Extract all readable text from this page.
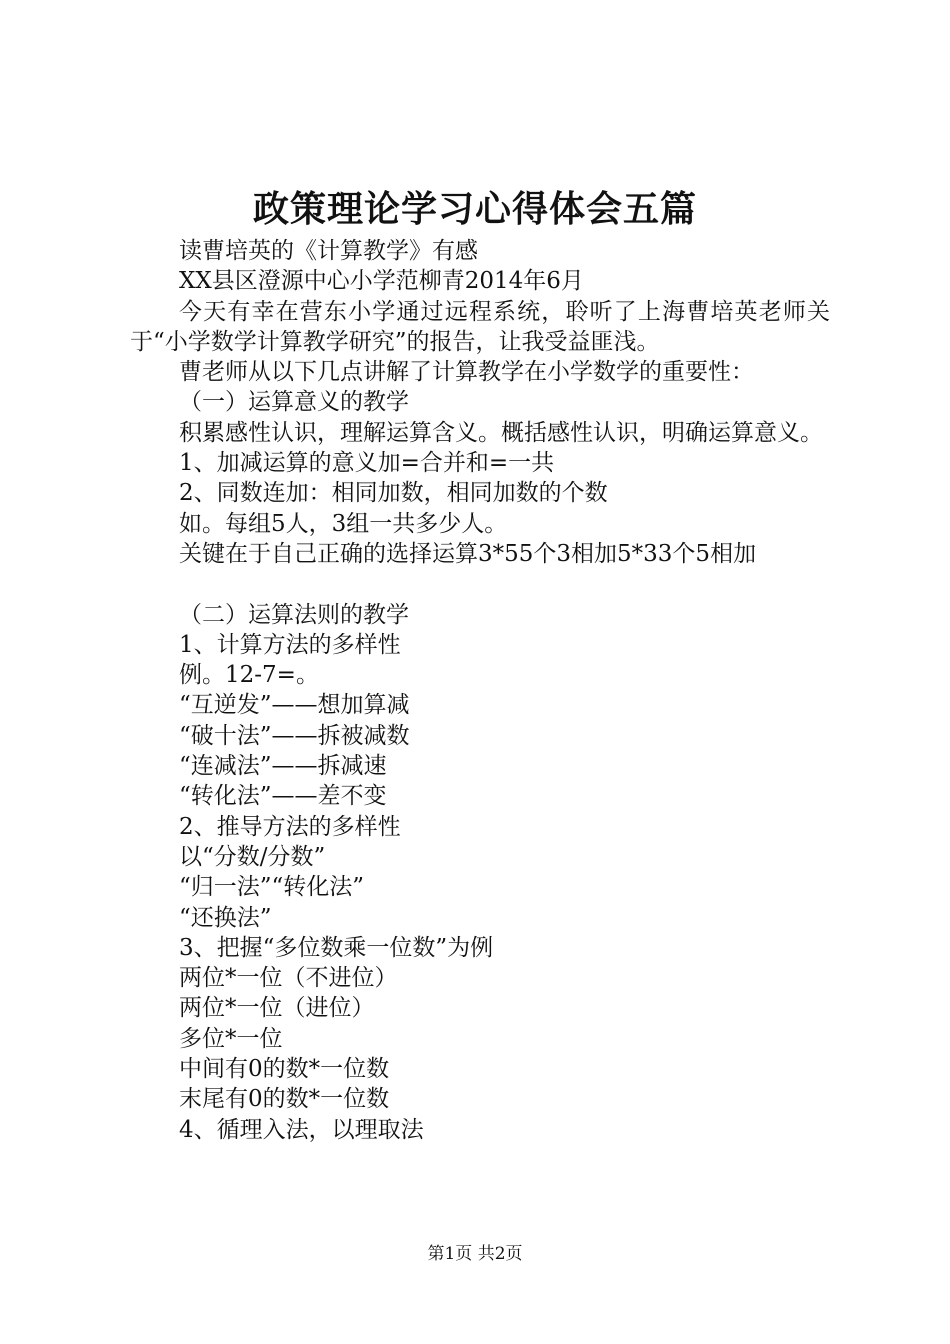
政策理论学习心得体会五篇

读曹培英的《计算教学》有感

XX县区澄源中心小学范柳青2014年6月

今天有幸在营东小学通过远程系统，聆听了上海曹培英老师关于“小学数学计算教学研究”的报告，让我受益匪浅。

曹老师从以下几点讲解了计算教学在小学数学的重要性：

（一）运算意义的教学

积累感性认识，理解运算含义。概括感性认识，明确运算意义。

1、加减运算的意义加=合并和=一共

2、同数连加：相同加数，相同加数的个数

如。每组5人，3组一共多少人。

关键在于自己正确的选择运算3*55个3相加5*33个5相加

（二）运算法则的教学

1、计算方法的多样性

例。12-7=。

“互逆发”——想加算减

“破十法”——拆被减数

“连减法”——拆减速

“转化法”——差不变

2、推导方法的多样性

以“分数/分数”

“归一法”“转化法”

“还换法”

3、把握“多位数乘一位数”为例

两位*一位（不进位）

两位*一位（进位）

多位*一位

中间有0的数*一位数

末尾有0的数*一位数

4、循理入法，以理取法

第1页 共2页
